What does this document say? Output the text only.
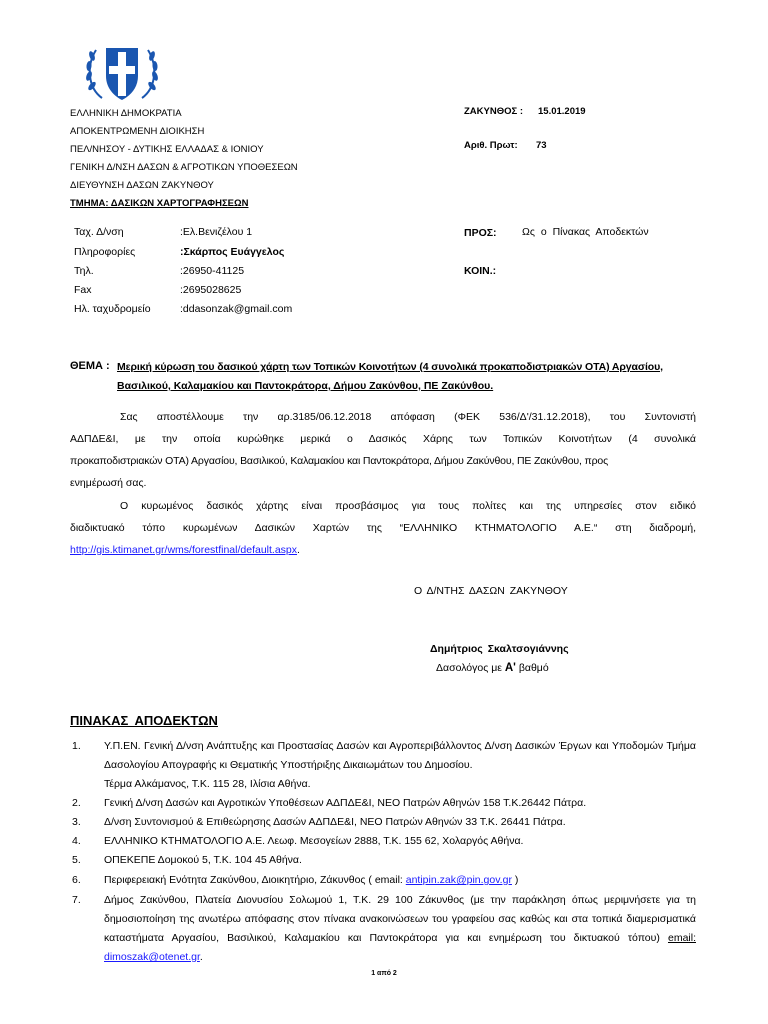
ΕΛΛΗΝΙΚΗ ΔΗΜΟΚΡΑΤΙΑ
ΑΠΟΚΕΝΤΡΩΜΕΝΗ ΔΙΟΙΚΗΣΗ
ΠΕΛ/ΝΗΣΟΥ - ΔΥΤΙΚΗΣ ΕΛΛΑΔΑΣ & ΙΟΝΙΟΥ
ΓΕΝΙΚΗ Δ/ΝΣΗ ΔΑΣΩΝ & ΑΓΡΟΤΙΚΩΝ ΥΠΟΘΕΣΕΩΝ
ΔΙΕΥΘΥΝΣΗ ΔΑΣΩΝ ΖΑΚΥΝΘΟΥ
ΤΜΗΜΑ: ΔΑΣΙΚΩΝ ΧΑΡΤΟΓΡΑΦΗΣΕΩΝ
ΖΑΚΥΝΘΟΣ : 15.01.2019
Αριθ. Πρωτ: 73
Ταχ. Δ/νση	:Ελ.Βενιζέλου 1
Πληροφορίες	:Σκάρπος Ευάγγελος
Τηλ.	:26950-41125
Fax	:2695028625
Ηλ. ταχυδρομείο	:ddasonzak@gmail.com
ΠΡΟΣ: Ως ο Πίνακας Αποδεκτών
ΚΟΙΝ.:
ΘΕΜΑ : Μερική κύρωση του δασικού χάρτη των Τοπικών Κοινοτήτων (4 συνολικά προκαποδιστριακών ΟΤΑ) Αργασίου,
Βασιλικού, Καλαμακίου και Παντοκράτορα, Δήμου Ζακύνθου, ΠΕ Ζακύνθου.
Σας αποστέλλουμε την αρ.3185/06.12.2018 απόφαση (ΦΕΚ 536/Δ'/31.12.2018), του Συντονιστή
ΑΔΠΔΕ&Ι, με την οποία κυρώθηκε μερικά ο Δασικός Χάρης των Τοπικών Κοινοτήτων (4 συνολικά
προκαποδιστριακών ΟΤΑ) Αργασίου, Βασιλικού, Καλαμακίου και Παντοκράτορα, Δήμου Ζακύνθου, ΠΕ Ζακύνθου, προς
ενημέρωσή σας.
Ο κυρωμένος δασικός χάρτης είναι προσβάσιμος για τους πολίτες και της υπηρεσίες στον ειδικό
διαδικτυακό τόπο κυρωμένων Δασικών Χαρτών της “ΕΛΛΗΝΙΚΟ ΚΤΗΜΑΤΟΛΟΓΙΟ Α.Ε.“ στη διαδρομή,
http://gis.ktimanet.gr/wms/forestfinal/default.aspx.
Ο Δ/ΝΤΗΣ ΔΑΣΩΝ ΖΑΚΥΝΘΟΥ
Δημήτριος Σκαλτσογιάννης
Δασολόγος με Α' βαθμό
ΠΙΝΑΚΑΣ ΑΠΟΔΕΚΤΩΝ
1. Υ.Π.ΕΝ. Γενική Δ/νση Ανάπτυξης και Προστασίας Δασών και Αγροπεριβάλλοντος Δ/νση Δασικών Έργων και Υποδομών Τμήμα Δασολογίου Απογραφής κι Θεματικής Υποστήριξης Δικαιωμάτων του Δημοσίου.
Τέρμα Αλκάμανος, Τ.Κ. 115 28, Ιλίσια Αθήνα.
2. Γενική Δ/νση Δασών και Αγροτικών Υποθέσεων ΑΔΠΔΕ&Ι, ΝΕΟ Πατρών Αθηνών 158 Τ.Κ.26442 Πάτρα.
3. Δ/νση Συντονισμού & Επιθεώρησης Δασών ΑΔΠΔΕ&Ι, ΝΕΟ Πατρών Αθηνών 33 Τ.Κ. 26441 Πάτρα.
4. ΕΛΛΗΝΙΚΟ ΚΤΗΜΑΤΟΛΟΓΙΟ Α.Ε. Λεωφ. Μεσογείων 2888, Τ.Κ. 155 62, Χολαργός Αθήνα.
5. ΟΠΕΚΕΠΕ Δομοκού 5, Τ.Κ. 104 45 Αθήνα.
6. Περιφερειακή Ενότητα Ζακύνθου, Διοικητήριο, Ζάκυνθος ( email: antipin.zak@pin.gov.gr )
7. Δήμος Ζακύνθου, Πλατεία Διονυσίου Σολωμού 1, Τ.Κ. 29 100 Ζάκυνθος (με την παράκληση όπως μεριμνήσετε για τη δημοσιοποίηση της ανωτέρω απόφασης στον πίνακα ανακοινώσεων του γραφείου σας καθώς και στα τοπικά διαμερισματικά καταστήματα Αργασίου, Βασιλικού, Καλαμακίου και Παντοκράτορα για και ενημέρωση του δικτυακού τόπου) email: dimoszak@otenet.gr.
1 από 2
